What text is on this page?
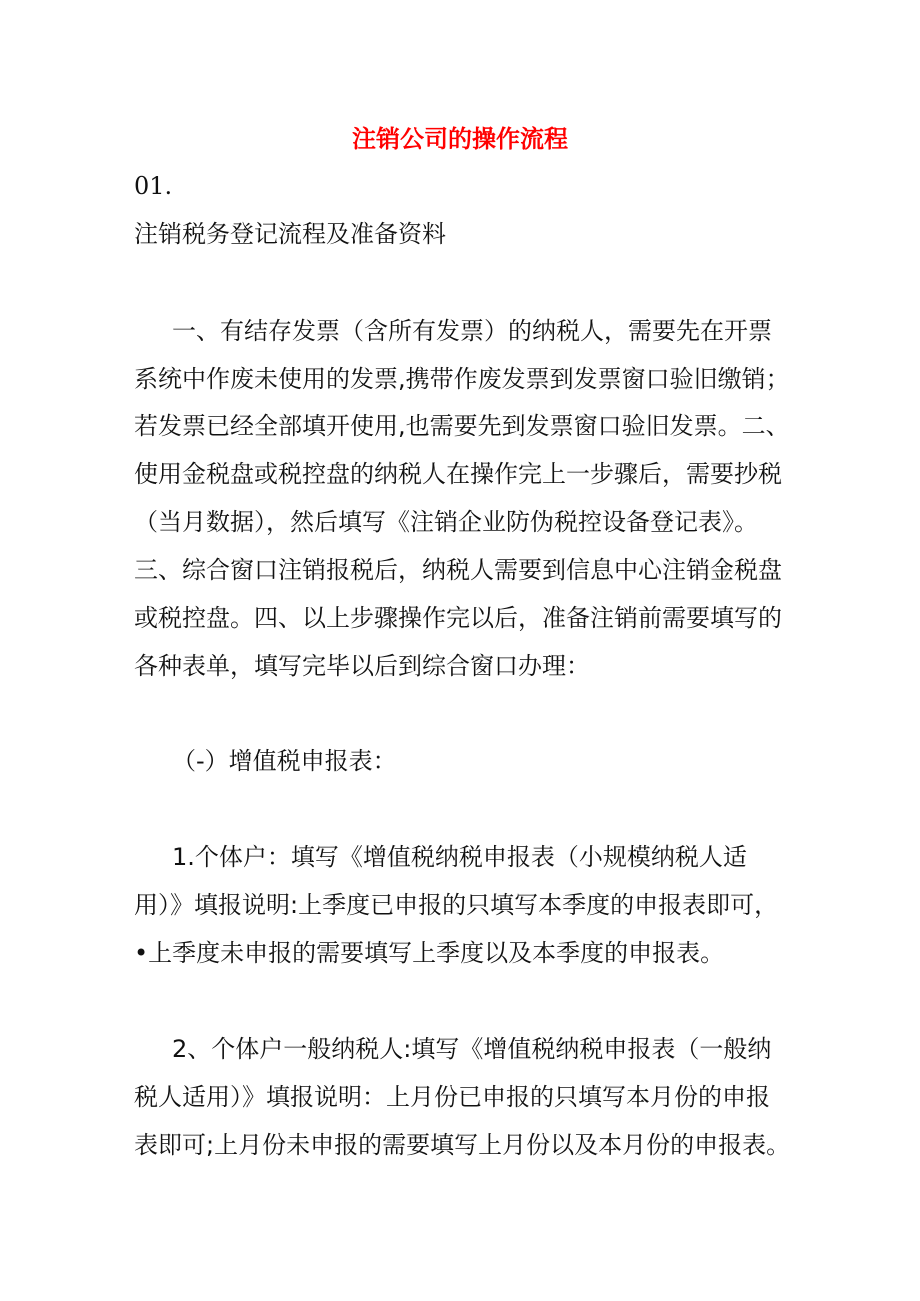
注销公司的操作流程
01.
注销税务登记流程及准备资料
一、有结存发票（含所有发票）的纳税人，需要先在开票
系统中作废未使用的发票,携带作废发票到发票窗口验旧缴销；
若发票已经全部填开使用,也需要先到发票窗口验旧发票。二、
使用金税盘或税控盘的纳税人在操作完上一步骤后，需要抄税
（当月数据），然后填写《注销企业防伪税控设备登记表》。
三、综合窗口注销报税后，纳税人需要到信息中心注销金税盘
或税控盘。四、以上步骤操作完以后，准备注销前需要填写的
各种表单，填写完毕以后到综合窗口办理：
（-）增值税申报表：
1.个体户：填写《增值税纳税申报表（小规模纳税人适
用）》填报说明:上季度已申报的只填写本季度的申报表即可，
•上季度未申报的需要填写上季度以及本季度的申报表。
2、个体户一般纳税人:填写《增值税纳税申报表（一般纳
税人适用）》填报说明：上月份已申报的只填写本月份的申报
表即可;上月份未申报的需要填写上月份以及本月份的申报表。
